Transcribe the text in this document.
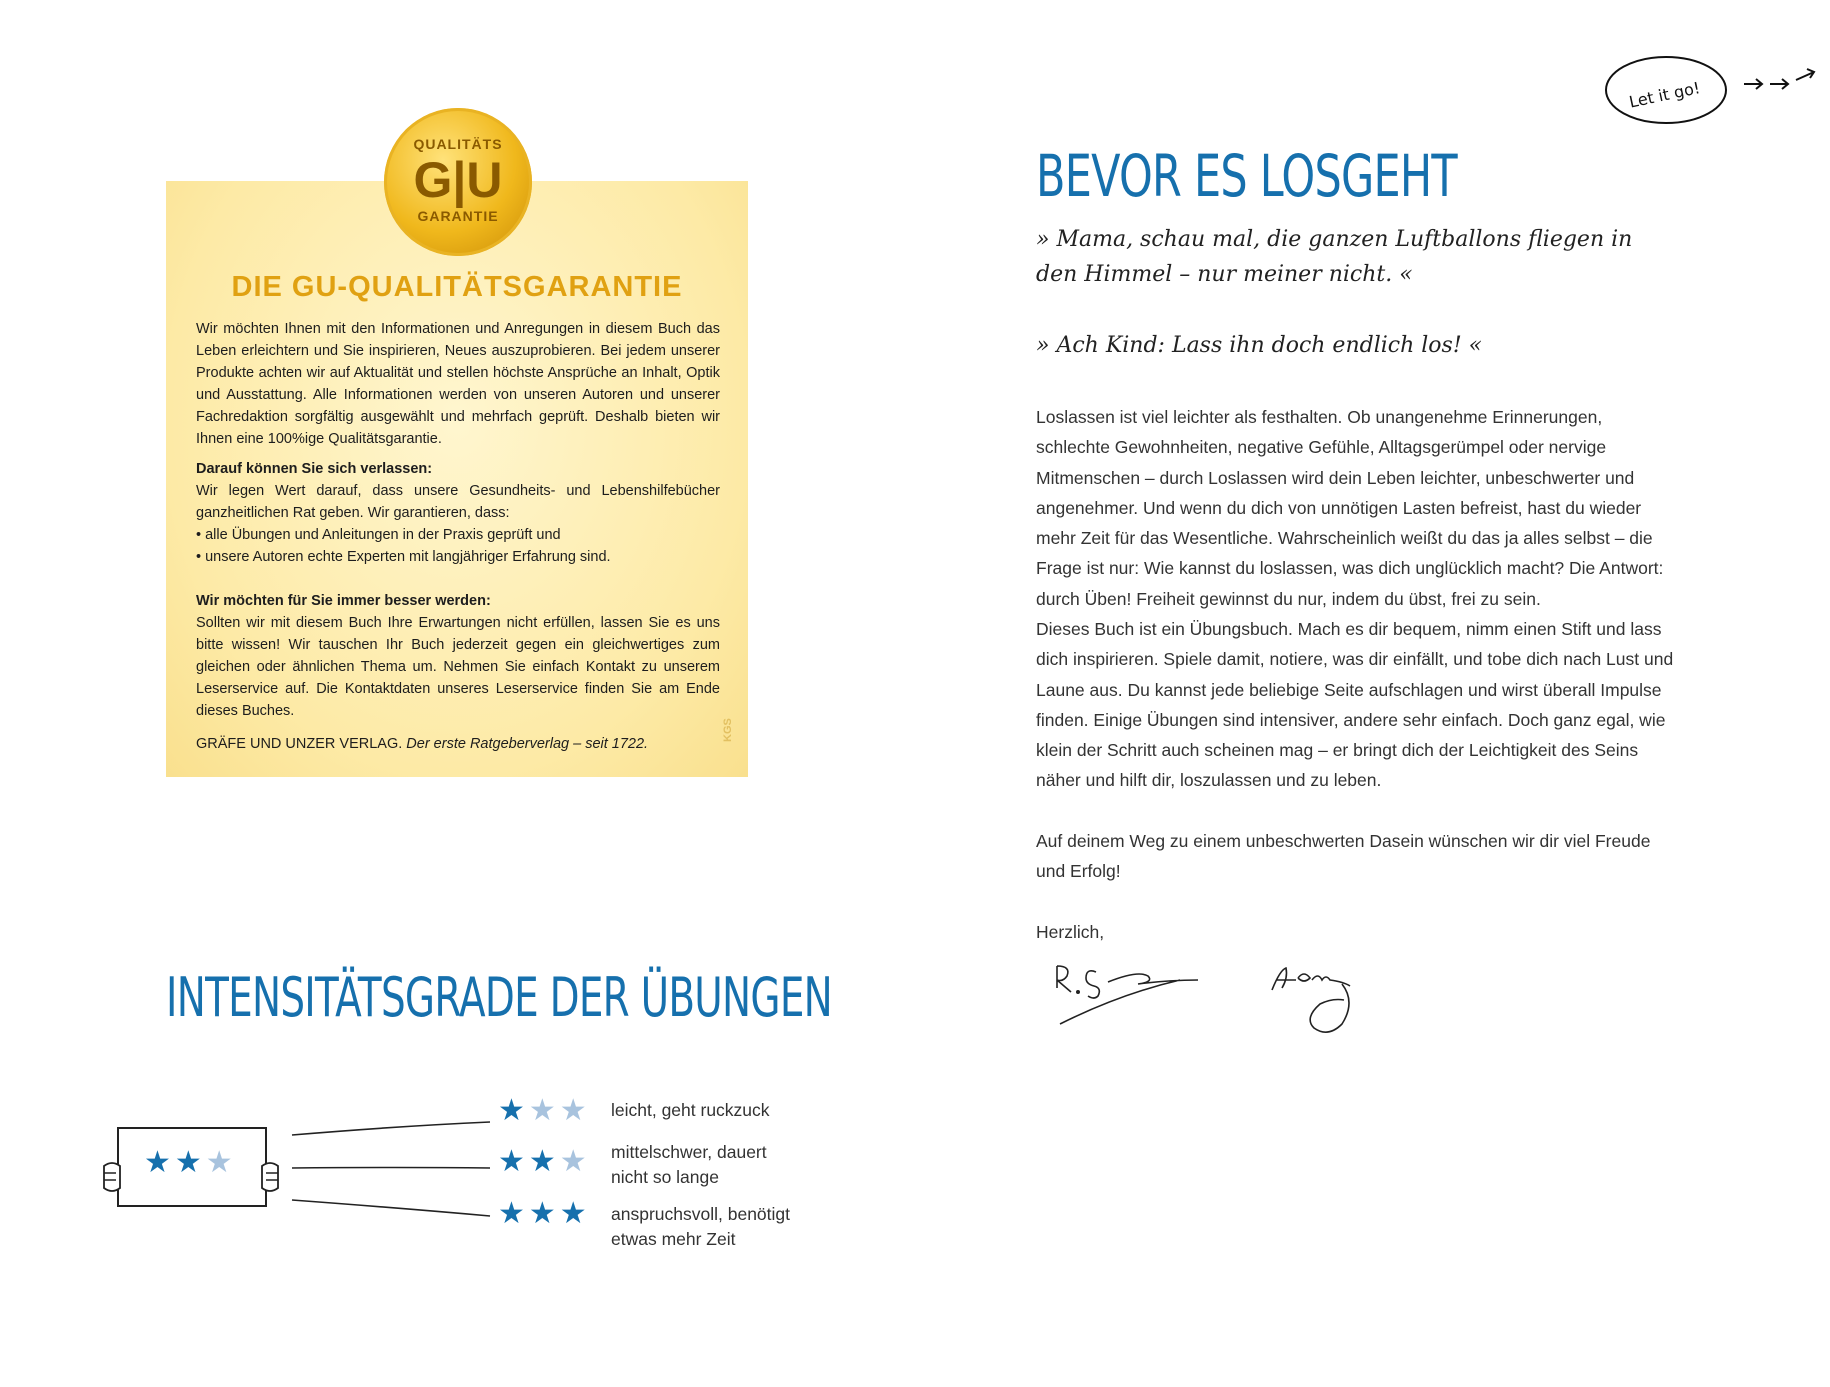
QUALITÄTS
G|U
GARANTIE
DIE GU-QUALITÄTSGARANTIE
Wir möchten Ihnen mit den Informationen und Anregungen in diesem Buch das Leben erleichtern und Sie inspirieren, Neues auszuprobieren. Bei jedem unserer Produkte achten wir auf Aktualität und stellen höchste Ansprüche an Inhalt, Optik und Ausstattung. Alle Informationen werden von unseren Autoren und unserer Fachredaktion sorgfältig ausgewählt und mehrfach geprüft. Deshalb bieten wir Ihnen eine 100%ige Qualitätsgarantie.
Darauf können Sie sich verlassen:
Wir legen Wert darauf, dass unsere Gesundheits- und Lebenshilfebücher ganzheitlichen Rat geben. Wir garantieren, dass:
• alle Übungen und Anleitungen in der Praxis geprüft und
• unsere Autoren echte Experten mit langjähriger Erfahrung sind.
Wir möchten für Sie immer besser werden:
Sollten wir mit diesem Buch Ihre Erwartungen nicht erfüllen, lassen Sie es uns bitte wissen! Wir tauschen Ihr Buch jederzeit gegen ein gleichwertiges zum gleichen oder ähnlichen Thema um. Nehmen Sie einfach Kontakt zu unserem Leserservice auf. Die Kontaktdaten unseres Leserservice finden Sie am Ende dieses Buches.
GRÄFE UND UNZER VERLAG. Der erste Ratgeberverlag – seit 1722.
KGS
INTENSITÄTSGRADE DER ÜBUNGEN
★★★
★★★ leicht, geht ruckzuck
★★★ mittelschwer, dauert nicht so lange
★★★ anspruchsvoll, benötigt etwas mehr Zeit
Let it go!
BEVOR ES LOSGEHT
» Mama, schau mal, die ganzen Luftballons fliegen in den Himmel – nur meiner nicht. «
» Ach Kind: Lass ihn doch endlich los! «
Loslassen ist viel leichter als festhalten. Ob unangenehme Erinnerungen, schlechte Gewohnheiten, negative Gefühle, Alltagsgerümpel oder nervige Mitmenschen – durch Loslassen wird dein Leben leichter, unbeschwerter und angenehmer. Und wenn du dich von unnötigen Lasten befreist, hast du wieder mehr Zeit für das Wesentliche. Wahrscheinlich weißt du das ja alles selbst – die Frage ist nur: Wie kannst du loslassen, was dich unglücklich macht? Die Antwort: durch Üben! Freiheit gewinnst du nur, indem du übst, frei zu sein.
Dieses Buch ist ein Übungsbuch. Mach es dir bequem, nimm einen Stift und lass dich inspirieren. Spiele damit, notiere, was dir einfällt, und tobe dich nach Lust und Laune aus. Du kannst jede beliebige Seite aufschlagen und wirst überall Impulse finden. Einige Übungen sind intensiver, andere sehr einfach. Doch ganz egal, wie klein der Schritt auch scheinen mag – er bringt dich der Leichtigkeit des Seins näher und hilft dir, loszulassen und zu leben.
Auf deinem Weg zu einem unbeschwerten Dasein wünschen wir dir viel Freude und Erfolg!
Herzlich,
